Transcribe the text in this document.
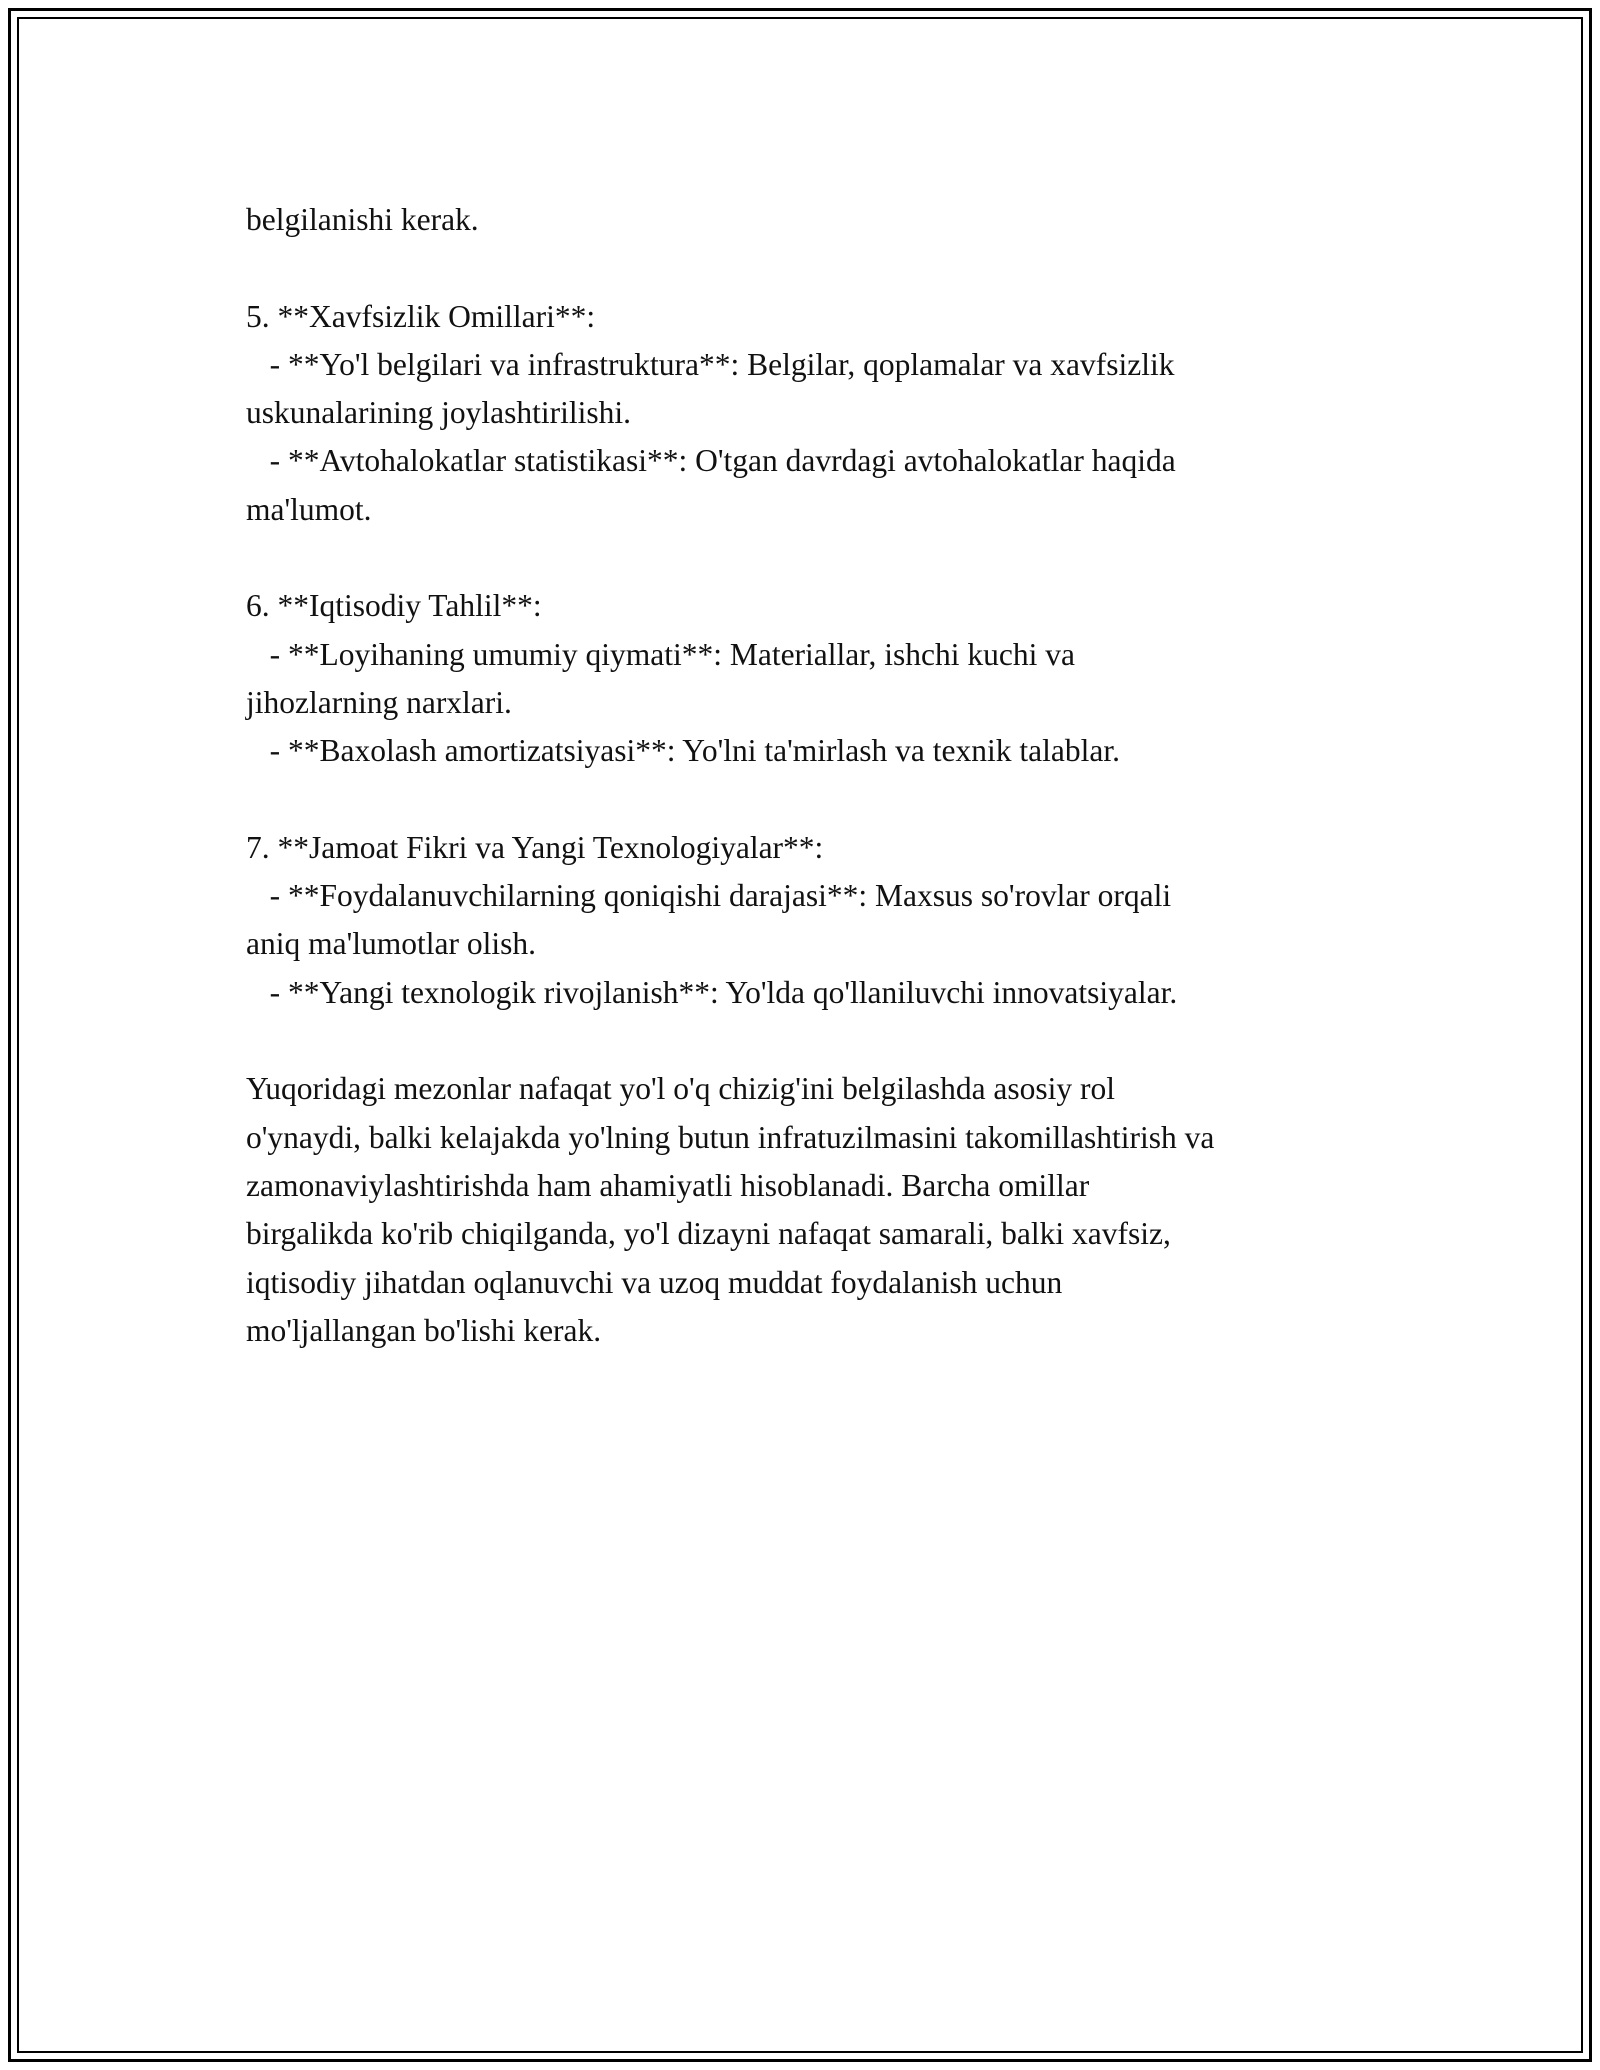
belgilanishi kerak.
5. **Xavfsizlik Omillari**:
- **Yo'l belgilari va infrastruktura**: Belgilar, qoplamalar va xavfsizlik
uskunalarining joylashtirilishi.
- **Avtohalokatlar statistikasi**: O'tgan davrdagi avtohalokatlar haqida
ma'lumot.
6. **Iqtisodiy Tahlil**:
- **Loyihaning umumiy qiymati**: Materiallar, ishchi kuchi va
jihozlarning narxlari.
- **Baxolash amortizatsiyasi**: Yo'lni ta'mirlash va texnik talablar.
7. **Jamoat Fikri va Yangi Texnologiyalar**:
- **Foydalanuvchilarning qoniqishi darajasi**: Maxsus so'rovlar orqali
aniq ma'lumotlar olish.
- **Yangi texnologik rivojlanish**: Yo'lda qo'llaniluvchi innovatsiyalar.
Yuqoridagi mezonlar nafaqat yo'l o'q chizig'ini belgilashda asosiy rol
o'ynaydi, balki kelajakda yo'lning butun infratuzilmasini takomillashtirish va
zamonaviylashtirishda ham ahamiyatli hisoblanadi. Barcha omillar
birgalikda ko'rib chiqilganda, yo'l dizayni nafaqat samarali, balki xavfsiz,
iqtisodiy jihatdan oqlanuvchi va uzoq muddat foydalanish uchun
mo'ljallangan bo'lishi kerak.
